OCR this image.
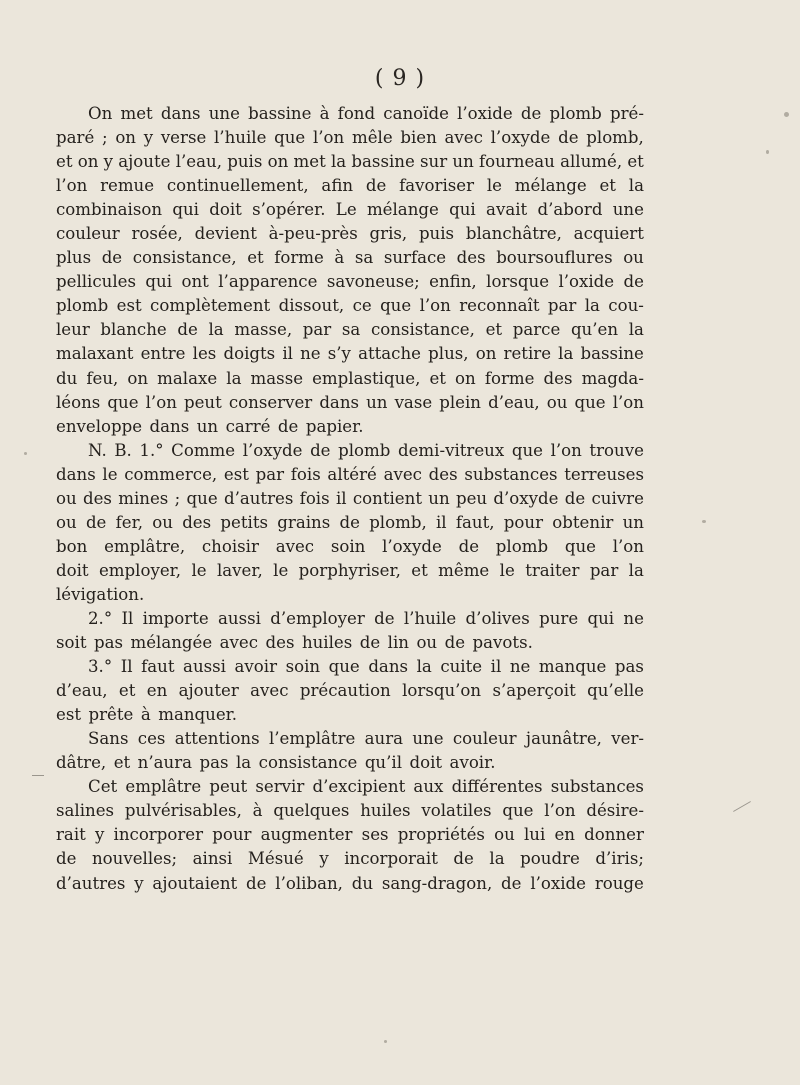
( 9 )
On met dans une bassine à fond canoïde l’oxide de plomb pré-
paré ; on y verse l’huile que l’on mêle bien avec l’oxyde de plomb,
et on y ajoute l’eau, puis on met la bassine sur un fourneau allumé, et
l’on remue continuellement, afin de favoriser le mélange et la
combinaison qui doit s’opérer. Le mélange qui avait d’abord une
couleur rosée, devient à-peu-près gris, puis blanchâtre, acquiert
plus de consistance, et forme à sa surface des boursouflures ou
pellicules qui ont l’apparence savoneuse; enfin, lorsque l’oxide de
plomb est complètement dissout, ce que l’on reconnaît par la cou-
leur blanche de la masse, par sa consistance, et parce qu’en la
malaxant entre les doigts il ne s’y attache plus, on retire la bassine
du feu, on malaxe la masse emplastique, et on forme des magda-
léons que l’on peut conserver dans un vase plein d’eau, ou que l’on
enveloppe dans un carré de papier.
N. B. 1.° Comme l’oxyde de plomb demi-vitreux que l’on trouve
dans le commerce, est par fois altéré avec des substances terreuses
ou des mines ; que d’autres fois il contient un peu d’oxyde de cuivre
ou de fer, ou des petits grains de plomb, il faut, pour obtenir un
bon emplâtre, choisir avec soin l’oxyde de plomb que l’on
doit employer, le laver, le porphyriser, et même le traiter par la
lévigation.
2.° Il importe aussi d’employer de l’huile d’olives pure qui ne
soit pas mélangée avec des huiles de lin ou de pavots.
3.° Il faut aussi avoir soin que dans la cuite il ne manque pas
d’eau, et en ajouter avec précaution lorsqu’on s’aperçoit qu’elle
est prête à manquer.
Sans ces attentions l’emplâtre aura une couleur jaunâtre, ver-
dâtre, et n’aura pas la consistance qu’il doit avoir.
Cet emplâtre peut servir d’excipient aux différentes substances
salines pulvérisables, à quelques huiles volatiles que l’on désire-
rait y incorporer pour augmenter ses propriétés ou lui en donner
de nouvelles; ainsi Mésué y incorporait de la poudre d’iris;
d’autres y ajoutaient de l’oliban, du sang-dragon, de l’oxide rouge
